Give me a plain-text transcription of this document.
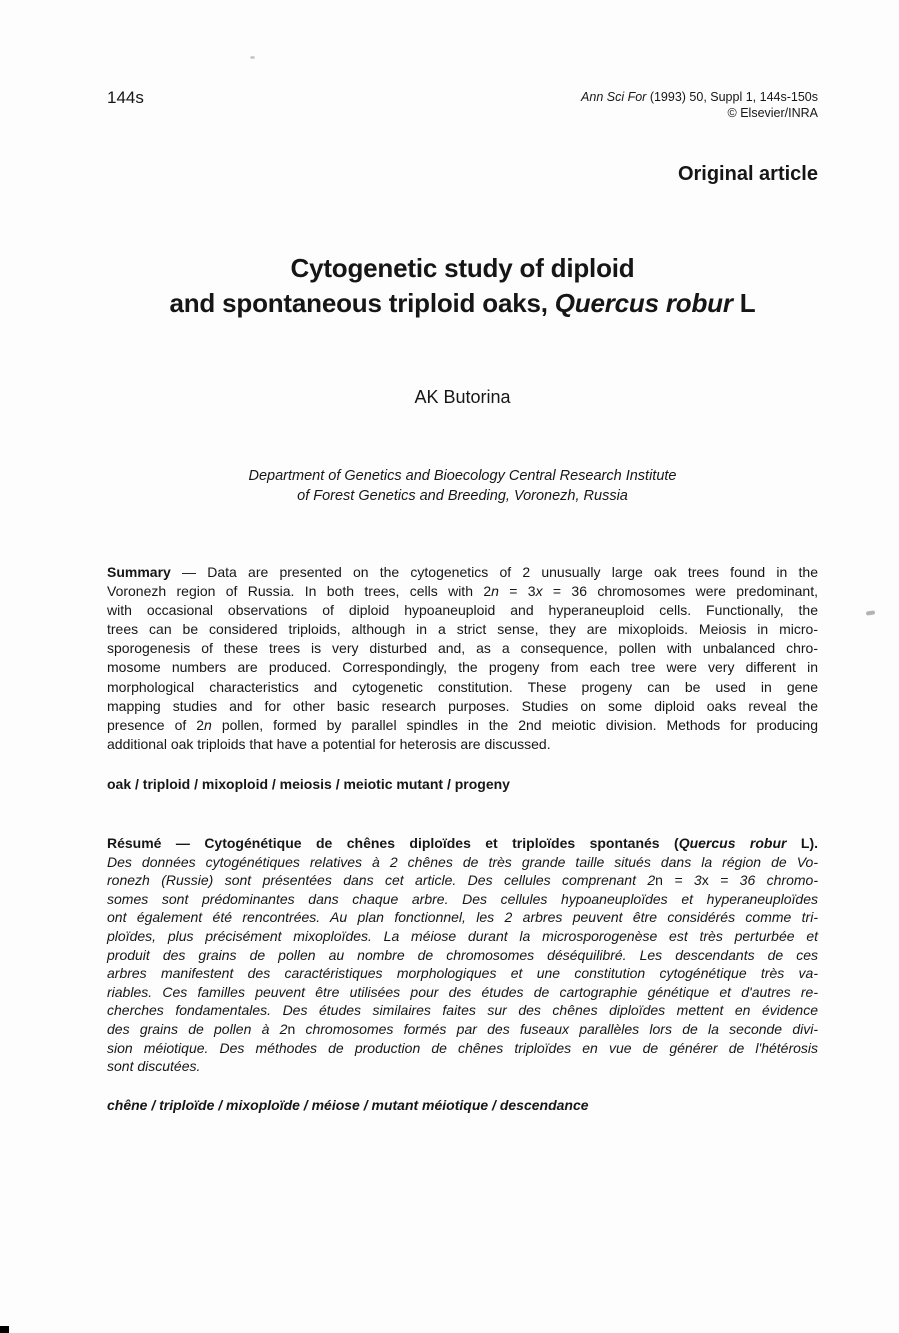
144s	Ann Sci For (1993) 50, Suppl 1, 144s-150s
© Elsevier/INRA
Original article
Cytogenetic study of diploid
and spontaneous triploid oaks, Quercus robur L
AK Butorina
Department of Genetics and Bioecology Central Research Institute
of Forest Genetics and Breeding, Voronezh, Russia
Summary — Data are presented on the cytogenetics of 2 unusually large oak trees found in the
Voronezh region of Russia. In both trees, cells with 2n = 3x = 36 chromosomes were predominant,
with occasional observations of diploid hypoaneuploid and hyperaneuploid cells. Functionally, the
trees can be considered triploids, although in a strict sense, they are mixoploids. Meiosis in micro-
sporogenesis of these trees is very disturbed and, as a consequence, pollen with unbalanced chro-
mosome numbers are produced. Correspondingly, the progeny from each tree were very different in
morphological characteristics and cytogenetic constitution. These progeny can be used in gene
mapping studies and for other basic research purposes. Studies on some diploid oaks reveal the
presence of 2n pollen, formed by parallel spindles in the 2nd meiotic division. Methods for producing
additional oak triploids that have a potential for heterosis are discussed.
oak / triploid / mixoploid / meiosis / meiotic mutant / progeny
Résumé — Cytogénétique de chênes diploïdes et triploïdes spontanés (Quercus robur L).
Des données cytogénétiques relatives à 2 chênes de très grande taille situés dans la région de Vo-
ronezh (Russie) sont présentées dans cet article. Des cellules comprenant 2n = 3x = 36 chromo-
somes sont prédominantes dans chaque arbre. Des cellules hypoaneuploïdes et hyperaneuploïdes
ont également été rencontrées. Au plan fonctionnel, les 2 arbres peuvent être considérés comme tri-
ploïdes, plus précisément mixoploïdes. La méiose durant la microsporogenèse est très perturbée et
produit des grains de pollen au nombre de chromosomes déséquilibré. Les descendants de ces
arbres manifestent des caractéristiques morphologiques et une constitution cytogénétique très va-
riables. Ces familles peuvent être utilisées pour des études de cartographie génétique et d'autres re-
cherches fondamentales. Des études similaires faites sur des chênes diploïdes mettent en évidence
des grains de pollen à 2n chromosomes formés par des fuseaux parallèles lors de la seconde divi-
sion méiotique. Des méthodes de production de chênes triploïdes en vue de générer de l'hétérosis
sont discutées.
chêne / triploïde / mixoploïde / méiose / mutant méiotique / descendance
